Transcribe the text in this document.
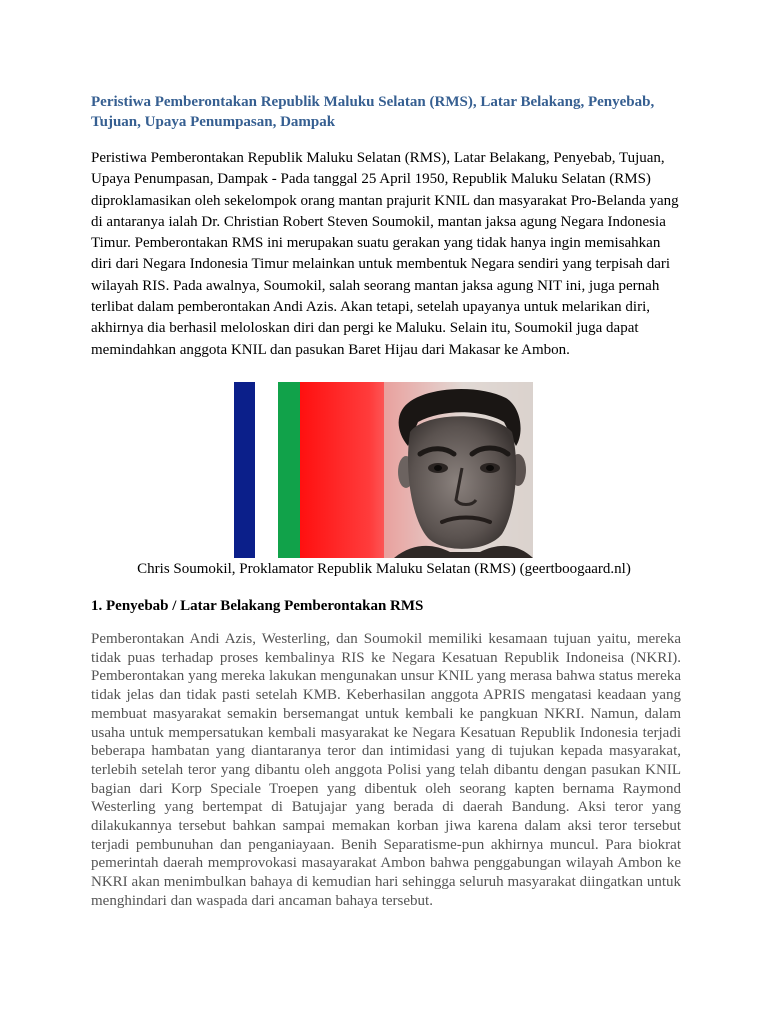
Peristiwa Pemberontakan Republik Maluku Selatan (RMS), Latar Belakang, Penyebab, Tujuan, Upaya Penumpasan, Dampak

Peristiwa Pemberontakan Republik Maluku Selatan (RMS), Latar Belakang, Penyebab, Tujuan, Upaya Penumpasan, Dampak - Pada tanggal 25 April 1950, Republik Maluku Selatan (RMS) diproklamasikan oleh sekelompok orang mantan prajurit KNIL dan masyarakat Pro-Belanda yang di antaranya ialah Dr. Christian Robert Steven Soumokil, mantan jaksa agung Negara Indonesia Timur. Pemberontakan RMS ini merupakan suatu gerakan yang tidak hanya ingin memisahkan diri dari Negara Indonesia Timur melainkan untuk membentuk Negara sendiri yang terpisah dari wilayah RIS. Pada awalnya, Soumokil, salah seorang mantan jaksa agung NIT ini, juga pernah terlibat dalam pemberontakan Andi Azis. Akan tetapi, setelah upayanya untuk melarikan diri, akhirnya dia berhasil meloloskan diri dan pergi ke Maluku. Selain itu, Soumokil juga dapat memindahkan anggota KNIL dan pasukan Baret Hijau dari Makasar ke Ambon.

Chris Soumokil, Proklamator Republik Maluku Selatan (RMS) (geertboogaard.nl)

1. Penyebab / Latar Belakang Pemberontakan RMS

Pemberontakan Andi Azis, Westerling, dan Soumokil memiliki kesamaan tujuan yaitu, mereka tidak puas terhadap proses kembalinya RIS ke Negara Kesatuan Republik Indoneisa (NKRI). Pemberontakan yang mereka lakukan mengunakan unsur KNIL yang merasa bahwa status mereka tidak jelas dan tidak pasti setelah KMB. Keberhasilan anggota APRIS mengatasi keadaan yang membuat masyarakat semakin bersemangat untuk kembali ke pangkuan NKRI. Namun, dalam usaha untuk mempersatukan kembali masyarakat ke Negara Kesatuan Republik Indonesia terjadi beberapa hambatan yang diantaranya teror dan intimidasi yang di tujukan kepada masyarakat, terlebih setelah teror yang dibantu oleh anggota Polisi yang telah dibantu dengan pasukan KNIL bagian dari Korp Speciale Troepen yang dibentuk oleh seorang kapten bernama Raymond Westerling yang bertempat di Batujajar yang berada di daerah Bandung. Aksi teror yang dilakukannya tersebut bahkan sampai memakan korban jiwa karena dalam aksi teror tersebut terjadi pembunuhan dan penganiayaan. Benih Separatisme-pun akhirnya muncul. Para biokrat pemerintah daerah memprovokasi masayarakat Ambon bahwa penggabungan wilayah Ambon ke NKRI akan menimbulkan bahaya di kemudian hari sehingga seluruh masyarakat diingatkan untuk menghindari dan waspada dari ancaman bahaya tersebut.
